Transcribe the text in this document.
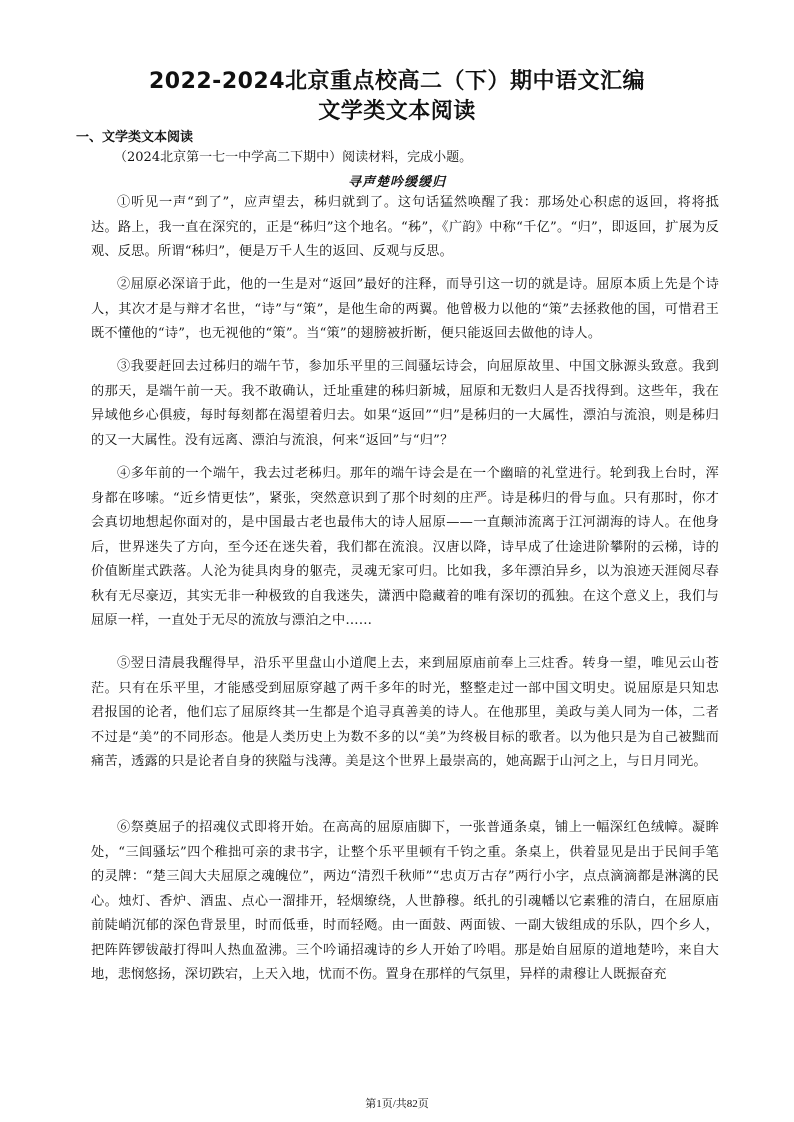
2022-2024北京重点校高二（下）期中语文汇编
文学类文本阅读
一、文学类文本阅读
（2024北京第一七一中学高二下期中）阅读材料，完成小题。
寻声楚吟缓缓归
①听见一声“到了”，应声望去，秭归就到了。这句话猛然唤醒了我：那场处心积虑的返回，将将抵达。路上，我一直在深究的，正是“秭归”这个地名。“秭”，《广韵》中称“千亿”。“归”，即返回，扩展为反观、反思。所谓“秭归”，便是万千人生的返回、反观与反思。
②屈原必深谙于此，他的一生是对“返回”最好的注释，而导引这一切的就是诗。屈原本质上先是个诗人，其次才是与辩才名世，“诗”与“策”，是他生命的两翼。他曾极力以他的“策”去拯救他的国，可惜君王既不懂他的“诗”，也无视他的“策”。当“策”的翅膀被折断，便只能返回去做他的诗人。
③我要赶回去过秭归的端午节，参加乐平里的三闾骚坛诗会，向屈原故里、中国文脉源头致意。我到的那天，是端午前一天。我不敢确认，迁址重建的秭归新城，屈原和无数归人是否找得到。这些年，我在异域他乡心俱疲，每时每刻都在渴望着归去。如果“返回”“归”是秭归的一大属性，漂泊与流浪，则是秭归的又一大属性。没有远离、漂泊与流浪，何来“返回”与“归”？
④多年前的一个端午，我去过老秭归。那年的端午诗会是在一个幽暗的礼堂进行。轮到我上台时，浑身都在哆嗦。“近乡情更怯”，紧张，突然意识到了那个时刻的庄严。诗是秭归的骨与血。只有那时，你才会真切地想起你面对的，是中国最古老也最伟大的诗人屈原——一直颠沛流离于江河湖海的诗人。在他身后，世界迷失了方向，至今还在迷失着，我们都在流浪。汉唐以降，诗早成了仕途进阶攀附的云梯，诗的价值断崖式跌落。人沦为徒具肉身的躯壳，灵魂无家可归。比如我，多年漂泊异乡，以为浪迹天涯阅尽春秋有无尽豪迈，其实无非一种极致的自我迷失，潇洒中隐藏着的唯有深切的孤独。在这个意义上，我们与屈原一样，一直处于无尽的流放与漂泊之中……
⑤翌日清晨我醒得早，沿乐平里盘山小道爬上去，来到屈原庙前奉上三炷香。转身一望，唯见云山苍茫。只有在乐平里，才能感受到屈原穿越了两千多年的时光，整整走过一部中国文明史。说屈原是只知忠君报国的论者，他们忘了屈原终其一生都是个追寻真善美的诗人。在他那里，美政与美人同为一体，二者不过是“美”的不同形态。他是人类历史上为数不多的以“美”为终极目标的歌者。以为他只是为自己被黜而痛苦，透露的只是论者自身的狭隘与浅薄。美是这个世界上最崇高的，她高踞于山河之上，与日月同光。
⑥祭奠屈子的招魂仪式即将开始。在高高的屈原庙脚下，一张普通条桌，铺上一幅深红色绒幛。凝眸处，“三闾骚坛”四个稚拙可亲的隶书字，让整个乐平里顿有千钧之重。条桌上，供着显见是出于民间手笔的灵牌：“楚三闾大夫屈原之魂魄位”，两边“清烈千秋师”“忠贞万古存”两行小字，点点滴滴都是淋漓的民心。烛灯、香炉、酒盅、点心一溜排开，轻烟缭绕，人世静穆。纸扎的引魂幡以它素雅的清白，在屈原庙前陡峭沉郁的深色背景里，时而低垂，时而轻飏。由一面鼓、两面钹、一副大钹组成的乐队，四个乡人，把阵阵锣钹敲打得叫人热血盈沸。三个吟诵招魂诗的乡人开始了吟唱。那是始自屈原的道地楚吟，来自大地，悲悯悠扬，深切跌宕，上天入地，忧而不伤。置身在那样的气氛里，异样的肃穆让人既振奋充
第1页/共82页
